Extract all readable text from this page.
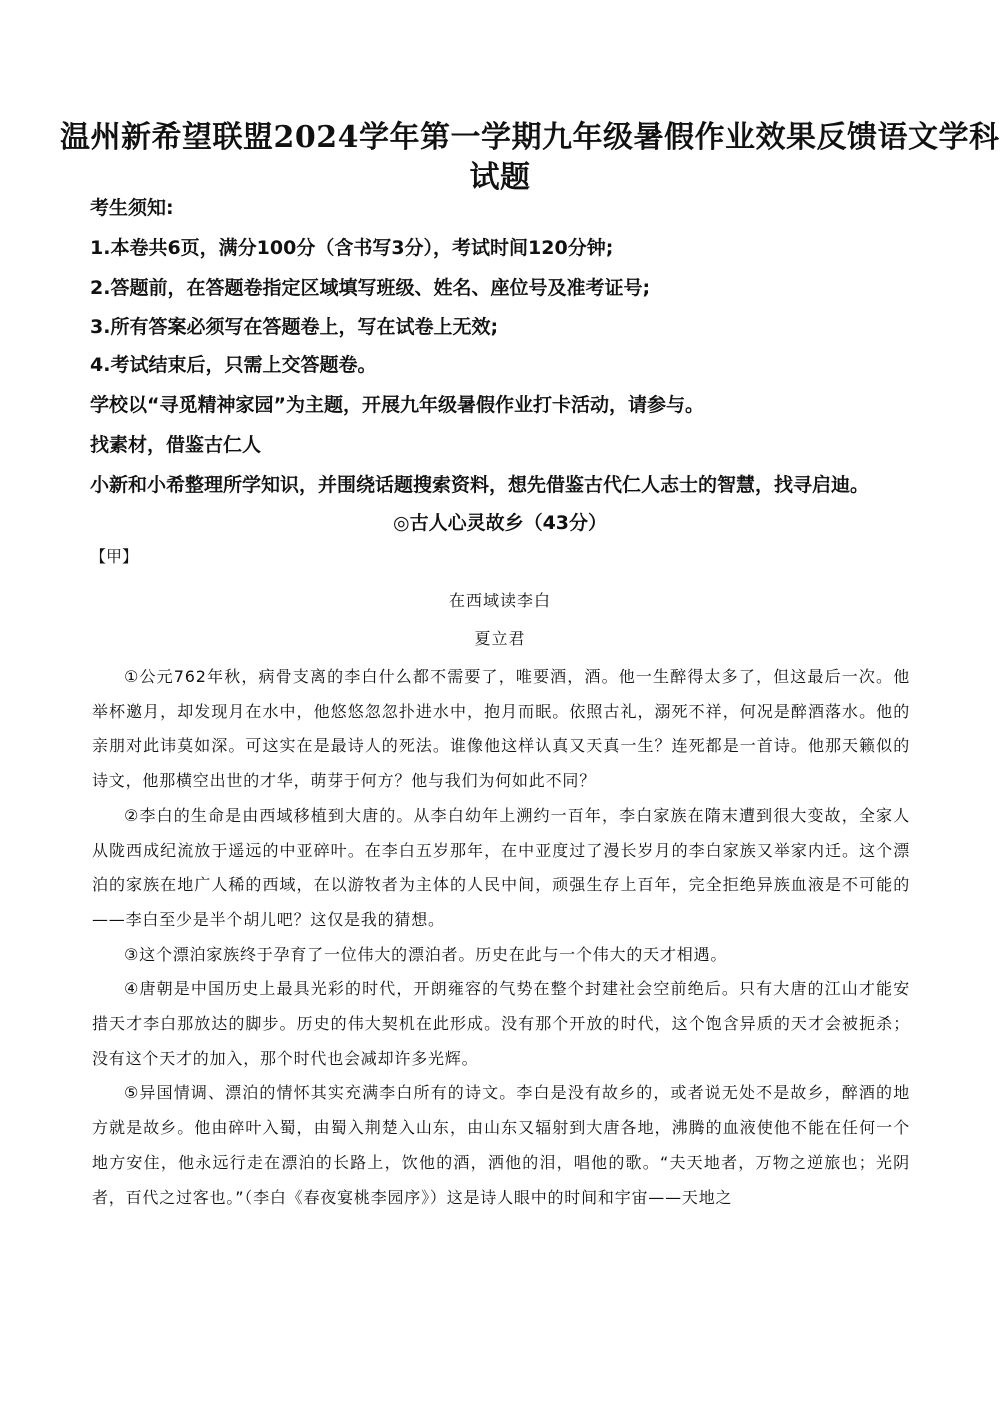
温州新希望联盟2024学年第一学期九年级暑假作业效果反馈语文学科
试题
考生须知:
1.本卷共6页，满分100分（含书写3分），考试时间120分钟;
2.答题前，在答题卷指定区域填写班级、姓名、座位号及准考证号;
3.所有答案必须写在答题卷上，写在试卷上无效;
4.考试结束后，只需上交答题卷。
学校以“寻觅精神家园”为主题，开展九年级暑假作业打卡活动，请参与。
找素材，借鉴古仁人
小新和小希整理所学知识，并围绕话题搜索资料，想先借鉴古代仁人志士的智慧，找寻启迪。
◎古人心灵故乡（43分）
【甲】
在西域读李白
夏立君

①公元762年秋，病骨支离的李白什么都不需要了，唯要酒，酒。他一生醉得太多了，但这最后一次。他举杯邀月，却发现月在水中，他悠悠忽忽扑进水中，抱月而眠。依照古礼，溺死不祥，何况是醉酒落水。他的亲朋对此讳莫如深。可这实在是最诗人的死法。谁像他这样认真又天真一生？连死都是一首诗。他那天籁似的诗文，他那横空出世的才华，萌芽于何方？他与我们为何如此不同？

②李白的生命是由西域移植到大唐的。从李白幼年上溯约一百年，李白家族在隋末遭到很大变故，全家人从陇西成纪流放于遥远的中亚碎叶。在李白五岁那年，在中亚度过了漫长岁月的李白家族又举家内迁。这个漂泊的家族在地广人稀的西域，在以游牧者为主体的人民中间，顽强生存上百年，完全拒绝异族血液是不可能的——李白至少是半个胡儿吧？这仅是我的猜想。

③这个漂泊家族终于孕育了一位伟大的漂泊者。历史在此与一个伟大的天才相遇。

④唐朝是中国历史上最具光彩的时代，开朗雍容的气势在整个封建社会空前绝后。只有大唐的江山才能安措天才李白那放达的脚步。历史的伟大契机在此形成。没有那个开放的时代，这个饱含异质的天才会被扼杀；没有这个天才的加入，那个时代也会减却许多光辉。

⑤异国情调、漂泊的情怀其实充满李白所有的诗文。李白是没有故乡的，或者说无处不是故乡，醉酒的地方就是故乡。他由碎叶入蜀，由蜀入荆楚入山东，由山东又辐射到大唐各地，沸腾的血液使他不能在任何一个地方安住，他永远行走在漂泊的长路上，饮他的酒，洒他的泪，唱他的歌。“夫天地者，万物之逆旅也；光阴者，百代之过客也。”（李白《春夜宴桃李园序》）这是诗人眼中的时间和宇宙——天地之
